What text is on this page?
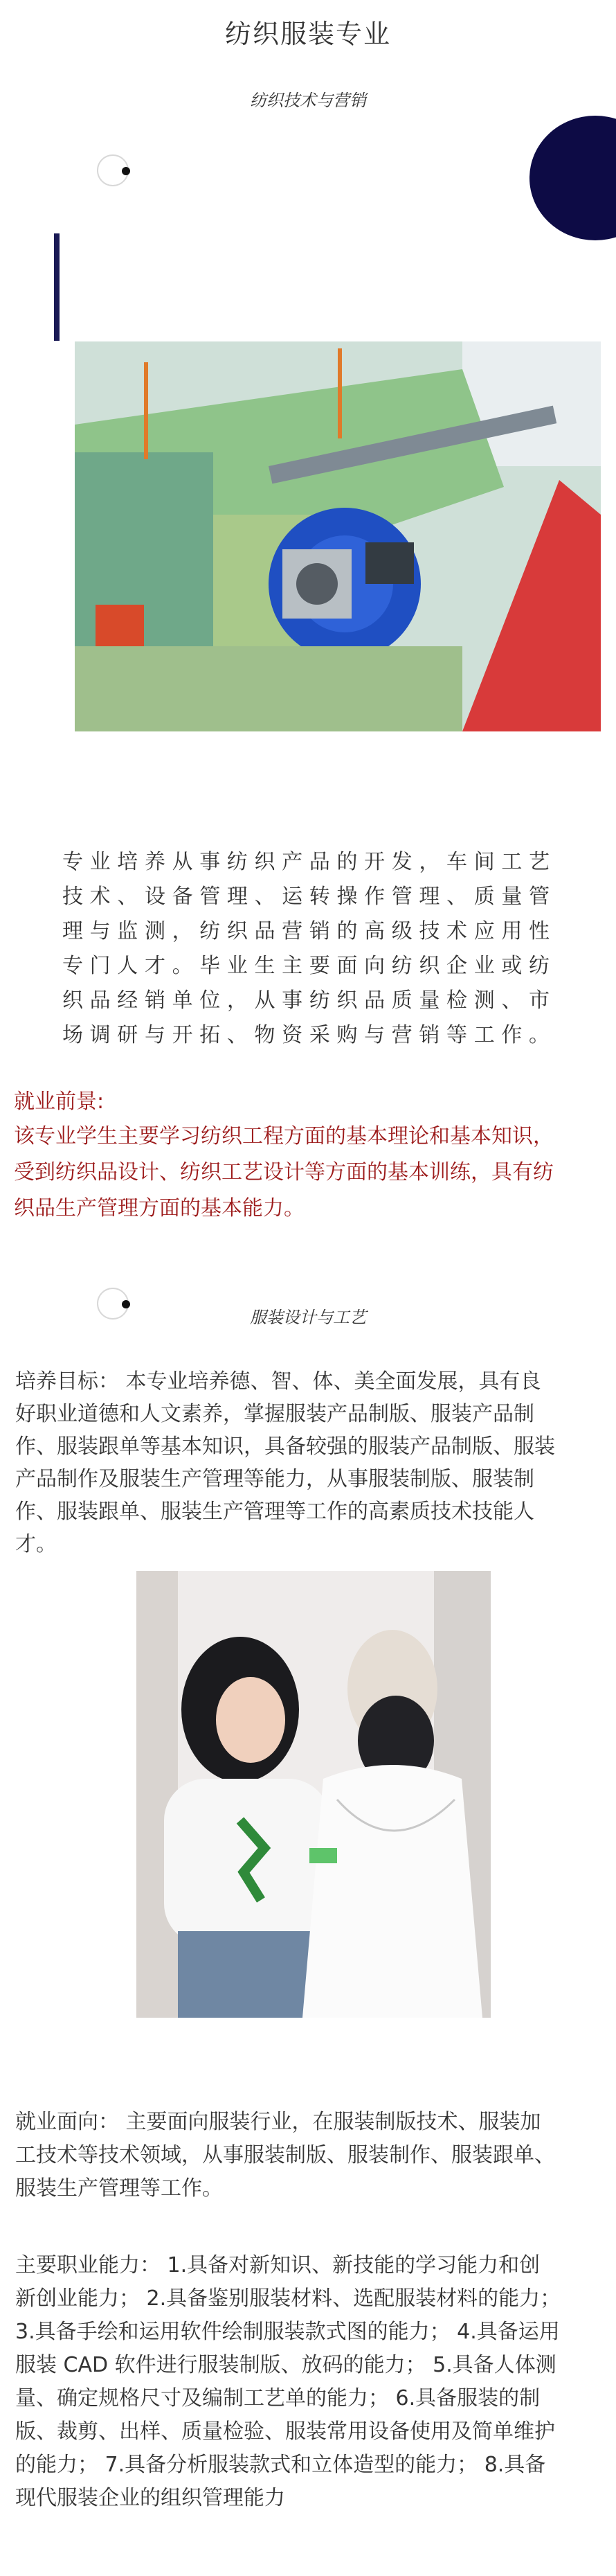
纺织服装专业
纺织技术与营销
专业培养从事纺织产品的开发，车间工艺
技术、设备管理、运转操作管理、质量管
理与监测，纺织品营销的高级技术应用性
专门人才。毕业生主要面向纺织企业或纺
织品经销单位，从事纺织品质量检测、市
场调研与开拓、物资采购与营销等工作。
就业前景:
该专业学生主要学习纺织工程方面的基本理论和基本知识，
受到纺织品设计、纺织工艺设计等方面的基本训练，具有纺
织品生产管理方面的基本能力。
服装设计与工艺
培养目标： 本专业培养德、智、体、美全面发展，具有良
好职业道德和人文素养，掌握服装产品制版、服装产品制
作、服装跟单等基本知识，具备较强的服装产品制版、服装
产品制作及服装生产管理等能力，从事服装制版、服装制
作、服装跟单、服装生产管理等工作的高素质技术技能人
才。
就业面向： 主要面向服装行业，在服装制版技术、服装加
工技术等技术领域，从事服装制版、服装制作、服装跟单、
服装生产管理等工作。
主要职业能力： 1.具备对新知识、新技能的学习能力和创
新创业能力； 2.具备鉴别服装材料、选配服装材料的能力；
3.具备手绘和运用软件绘制服装款式图的能力； 4.具备运用
服装 CAD 软件进行服装制版、放码的能力； 5.具备人体测
量、确定规格尺寸及编制工艺单的能力； 6.具备服装的制
版、裁剪、出样、质量检验、服装常用设备使用及简单维护
的能力； 7.具备分析服装款式和立体造型的能力； 8.具备
现代服装企业的组织管理能力
